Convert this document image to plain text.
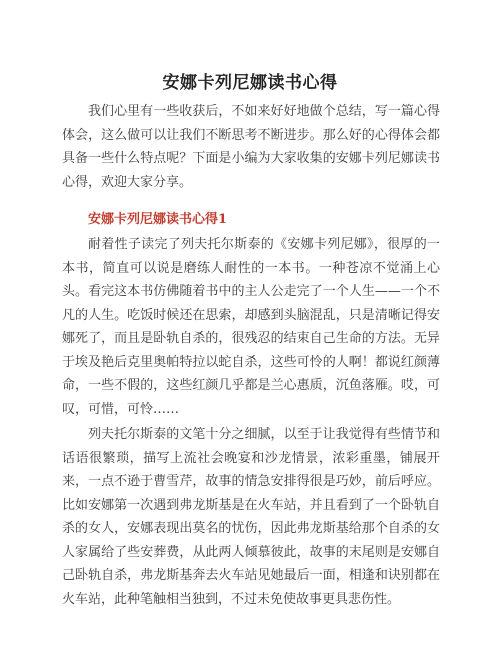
安娜卡列尼娜读书心得

我们心里有一些收获后，不如来好好地做个总结，写一篇心得体会，这么做可以让我们不断思考不断进步。那么好的心得体会都具备一些什么特点呢？下面是小编为大家收集的安娜卡列尼娜读书心得，欢迎大家分享。

安娜卡列尼娜读书心得1

耐着性子读完了列夫托尔斯泰的《安娜卡列尼娜》，很厚的一本书，简直可以说是磨练人耐性的一本书。一种苍凉不觉涌上心头。看完这本书仿佛随着书中的主人公走完了一个人生——一个不凡的人生。吃饭时候还在思索，却感到头脑混乱，只是清晰记得安娜死了，而且是卧轨自杀的，很残忍的结束自己生命的方法。无异于埃及艳后克里奥帕特拉以蛇自杀，这些可怜的人啊！都说红颜薄命，一些不假的，这些红颜几乎都是兰心惠质，沉鱼落雁。哎，可叹，可惜，可怜……

列夫托尔斯泰的文笔十分之细腻，以至于让我觉得有些情节和话语很繁琐，描写上流社会晚宴和沙龙情景，浓彩重墨，铺展开来，一点不逊于曹雪芹，故事的情急安排得很是巧妙，前后呼应。比如安娜第一次遇到弗龙斯基是在火车站，并且看到了一个卧轨自杀的女人，安娜表现出莫名的忧伤，因此弗龙斯基给那个自杀的女人家属给了些安葬费，从此两人倾慕彼此，故事的末尾则是安娜自己卧轨自杀，弗龙斯基奔去火车站见她最后一面，相逢和诀别都在火车站，此种笔触相当独到，不过未免使故事更具悲伤性。
